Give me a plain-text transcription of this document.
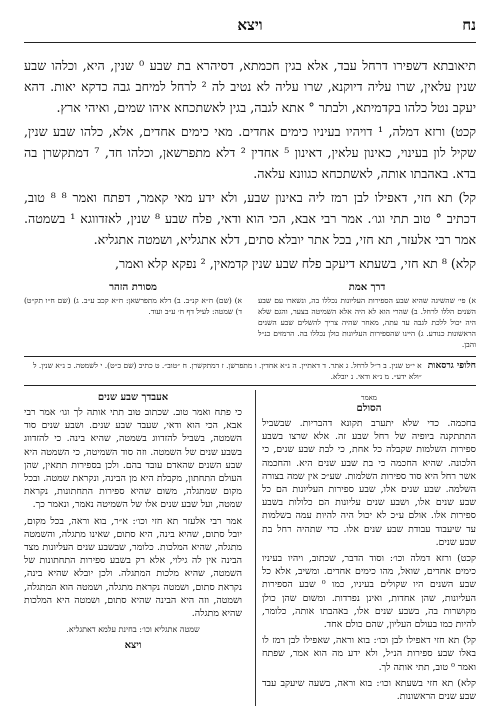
נח
ויצא

תיאובתא דשפירו דרחל עבד, אלא בגין חכמתא, דסיהרא בת שבע ⁰ שנין, היא, וכלהו שבע שנין עלאין, שרו עליה דיוקנא, שרו עליה לא נטיב לה ² לרחל למיחב גבה כדקא יאות. דהא יעקב נטל כלהו בקדמיתא, ולבתר ° אתא לגבה, בגין לאשתכחא איהו שמים, ואיהי ארץ.

קכט) ורזא דמלה, ¹ דויהיו בעיניו כימים אחדים. מאי כימים אחדים, אלא, כלהו שבע שנין, שקיל לון בעינוי, כאינון עלאין, דאינון ⁵ אחדין ² דלא מתפרשאן, וכלהו חד, ⁷ דמתקשרן בה בדא. באהבתו אותה, לאשתכחא כגוונא עלאה.

קל) תא חזי, דאפילו לבן רמז ליה באינון שבע, ולא ידע מאי קאמר, דפתח ואמר ⁸ ⁸ טוב, דכתיב ° טוב תתי וגו׳. אמר רבי אבא, הכי הוא ודאי, פלח שבע ⁸ שנין, לאזדווגא ¹ בשמטה. אמר רבי אלעזר, תא חזי, בכל אתר יובלא סתים, דלא אתגליא, ושמטה אתגליא.

קלא) ⁸ תא חזי, בשעתא דיעקב פלח שבע שנין קדמאין, ² נפקא קלא ואמר,

דרך אמת
א) פי׳ שהשיגה שהיא שבע הספירות העליונות נכללו בה, ונשארו עם שבע השנים הללו לרחל. ב) שהרי הוא לא היה אלא השמיטה בצער, והגם שלא היה יכול ללכת לגבה עד עתה, מאחר שהיה צריך להשלים שבע השנים הראשונות כנודע. ג) היינו שהספירות העליונות כולן נכללו בה. הרמזים כנ״ל והבן.
מסורת הזהר
א) (שם) ח״א קנ״ב. ב) דלא מתפרשאן: ח״א קכב ע״ב. ג) (שם ח״ו תק״ט) ד) שמטה: לעיל דף ח׳ ע״ב ועוד.
חלופי גרסאות
א י״ט שנין. ב ר״ל לרחל. ג אתר. ד דאתיין. ה נ״א אחדין. ו מתפרשן. ז דמתקשרן. ח ״טוב״. ט כתיב (שם כ״ט). י לשמטה. כ נ״א שנין. ל ״ולא ידע״. מ נ״א ודאי. נ יובלא.
מאמר
הסולם

בחכמה. כדי שלא יתערב תקונא דהבריות. שבשביל התתתקנה ביופיה של רחל שבע זה. אלא שרצו בשבע ספירות השלמות שקבלה כל אחת, כי לבת שבע שנים, כי הלכונה. שהיא החכמה כי בת שבע שנים היא. והחכמה אשר רחל היא סוד ספירות השלמות. שע״כ אין שמה בצורה השלמה. שבע שנים אלו, שבע ספירות העליונות הם כל שבע שנים אלו, ושבע שנים עליונות הם כלולות בשבע ספירות אלו. אולם ע״כ לא יכול היה להיות עמה בשלמות עד שיעבוד עבודת שבע שנים אלו. כדי שתהיה רחל בת שבע שנים.

קכט) ורזא דמלה וכו׳: וסוד הדבר, שכתוב, ויהיו בעיניו כימים אחדים, שואל, מהו כימים אחדים. ומשיב, אלא כל שבע השנים היו שקולים בעיניו, כמו ⁰ שבע הספירות העליונות, שהן אחדות, ואינן נפרדות. ומשום שהן כולן מקושרות בה, בשבע שנים אלו, באהבתו אותה, כלומר, להיות כמו בעולם העליון, שהם כולם אחד.

קל) תא חזי דאפילו לבן וכו׳: בוא וראה, שאפילו לבן רמז לו באלו שבע ספירות הנ״ל, ולא ידע מה הוא אמר, שפתח ואמר ⁰ טוב, תתי אותה לך.

קלא) תא חזי בשעתא וכו׳: בוא וראה, בשעה שיעקב עבד שבע שנים הראשונות.

אעבדך שבע שנים

כי פתח ואמר טוב. שכתוב טוב תתי אותה לך וגו׳ אמר רבי אבא, הכי הוא ודאי, שעבד שבע שנים. ושבע שנים סוד השמטה, בשביל להזדווג בשמטה, שהיא בינה. כי להזדווג בשבע שנים של השמטה. וזה סוד השמיטה, כי השמטה היא שבע השנים שהאדם עובד בהם. ולכן בספירות תתאין, שהן העולם התחתון, מקבלת היא מן הבינה, ונקראת שמטה. ובכל מקום שמתגלה, משום שהיא ספירות התחתונות, נקראת שמטה, ועל שבע שנים אלו של השמיטה נאמר, ונאמר כך.

אמר רבי אלעזר תא חזי וכו׳: א״ר, בוא וראה, בכל מקום, יובל סתום, שהיא בינה, היא סתום, שאינו מתגלה, והשמטה מתגלה, שהיא המלכות. כלומר, שבשבע שנים העליונות מצד הבינה אין לה גילוי, אלא רק בשבע ספירות התחתונות של השמטה, שהיא מלכות המתגלה. ולכן יובלא שהיא בינה, נקראת סתום, ושמטה נקראת מתגלה, ושמטה הוא המתגלה, ושמטה, וזה היא הבינה שהיא סתום, ושמטה היא המלכות שהיא מתגלה.

שמטה אתגליא וכו׳: בחינת עלמא דאתגליא.

ויצא
